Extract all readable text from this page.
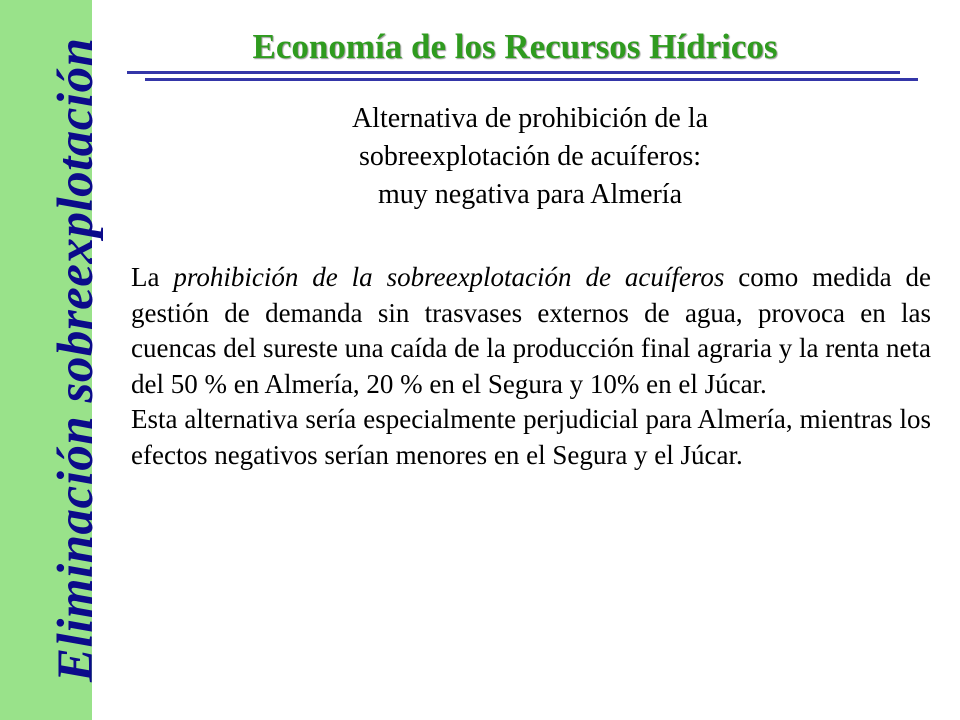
Eliminación sobreexplotación	Economía de los Recursos Hídricos
Alternativa de prohibición de la
sobreexplotación de acuíferos:
muy negativa para Almería

La prohibición de la sobreexplotación de acuíferos como medida de gestión de demanda sin trasvases externos de agua, provoca en las cuencas del sureste una caída de la producción final agraria y la renta neta del 50 % en Almería, 20 % en el Segura y 10% en el Júcar.

Esta alternativa sería especialmente perjudicial para Almería, mientras los efectos negativos serían menores en el Segura y el Júcar.
